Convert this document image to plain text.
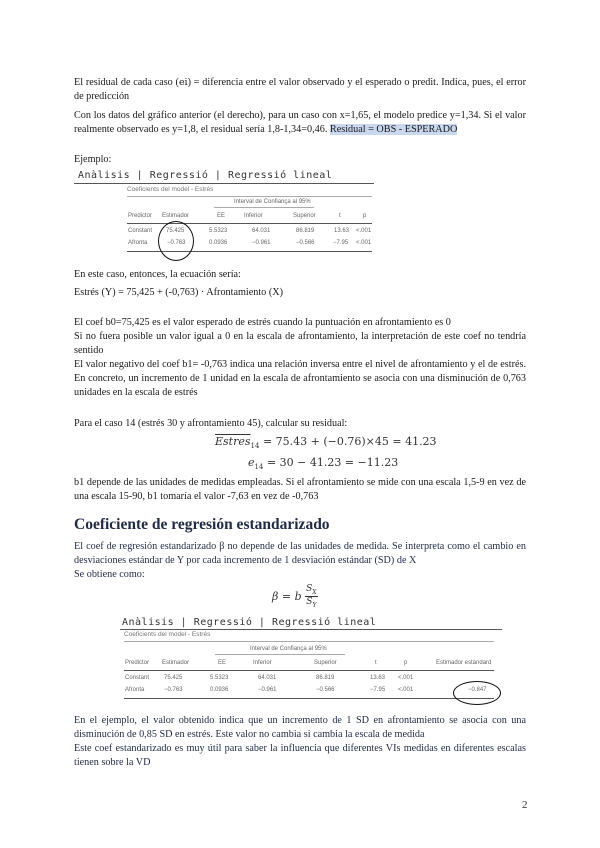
El residual de cada caso (ei) = diferencia entre el valor observado y el esperado o predit. Indica, pues, el error de predicción

Con los datos del gráfico anterior (el derecho), para un caso con x=1,65, el modelo predice y=1,34. Si el valor realmente observado es y=1,8, el residual sería 1,8-1,34=0,46. Residual = OBS - ESPERADO

Ejemplo:

Anàlisis | Regressió | Regressió lineal
Coeficients del model - Estrés
Interval de Confiança al 95%
Predictor Estimador	EE	Inferior	Superior	t	p
Constant 75.425	5.5323	64.031	86.819	13.63 <.001
Afronta	−0.763	0.0936	−0.961	−0.566	−7.95 <.001

En este caso, entonces, la ecuación sería:

Estrés (Y) = 75,425 + (-0,763) · Afrontamiento (X)

El coef b0=75,425 es el valor esperado de estrés cuando la puntuación en afrontamiento es 0

Si no fuera posible un valor igual a 0 en la escala de afrontamiento, la interpretación de este coef no tendría sentido

El valor negativo del coef b1= -0,763 indica una relación inversa entre el nivel de afrontamiento y el de estrés. En concreto, un incremento de 1 unidad en la escala de afrontamiento se asocia con una disminución de 0,763 unidades en la escala de estrés

Para el caso 14 (estrés 30 y afrontamiento 45), calcular su residual:

Estres$_{14}$ = 75.43 + (−0.76)×45 = 41.23
$e_{14} = 30 - 41.23 = -11.23$

b1 depende de las unidades de medidas empleadas. Si el afrontamiento se mide con una escala 1,5-9 en vez de una escala 15-90, b1 tomaría el valor -7,63 en vez de -0,763

Coeficiente de regresión estandarizado

El coef de regresión estandarizado β no depende de las unidades de medida. Se interpreta como el cambio en desviaciones estándar de Y por cada incremento de 1 desviación estándar (SD) de X

Se obtiene como:

β = b $\frac{S_X}{S_Y}$
Anàlisis | Regressió | Regressió lineal
Coeficients del model - Estrés
Interval de Confiança al 95%
Predictor Estimador	EE	Inferior	Superior	t	p	Estimador estàndard
Constant 75.425	5.5323	64.031	86.819	13.63 <.001
Afronta	−0.763	0.0936	−0.961	−0.566	−7.95 <.001	−0.847

En el ejemplo, el valor obtenido indica que un incremento de 1 SD en afrontamiento se asocia con una disminución de 0,85 SD en estrés. Este valor no cambia si cambia la escala de medida

Este coef estandarizado es muy útil para saber la influencia que diferentes VIs medidas en diferentes escalas tienen sobre la VD

2
